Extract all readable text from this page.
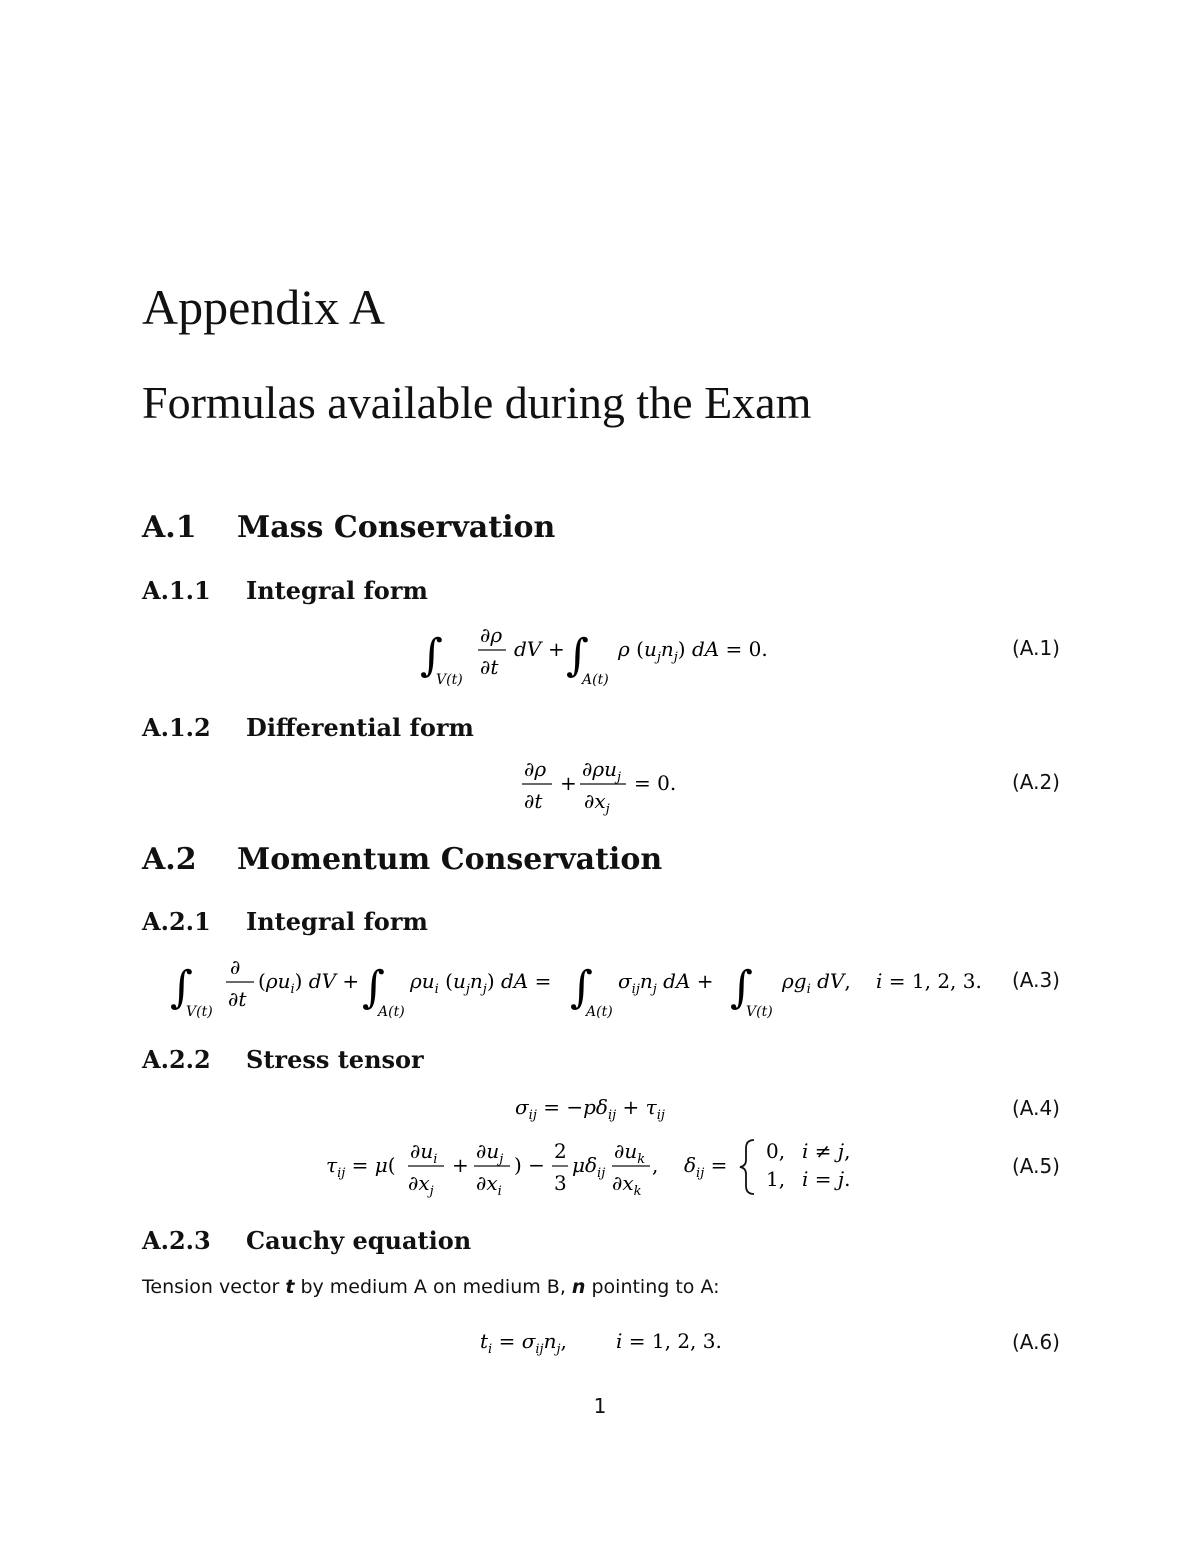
Appendix A
Formulas available during the Exam
A.1 Mass Conservation
A.1.1 Integral form
∫
V(t)
∂ρ
∂t
dV + ∫
A(t)
ρ $(u_jn_j)$ dA = 0.	(A.1)
A.1.2 Differential form
∂ρ
∂t
+
$\partial\rho u_j$
$\partial x_j$
= 0.	(A.2)
A.2 Momentum Conservation
A.2.1 Integral form
∫
V(t)
∂
∂t
$(\rho u_i)$ dV + ∫
A(t)
$\rho u_i$ $(u_jn_j)$ dA = ∫
A(t)
$\sigma_{ij}n_j$ dA + ∫
V(t)
$\rho g_i$ dV, i = 1, 2, 3. (A.3)
A.2.2 Stress tensor
$\sigma_{ij} = -p\delta_{ij} + \tau_{ij}$	(A.4)
$\tau_{ij} = \mu$(
$\partial u_i$
$\partial x_j$
+
$\partial u_j$
$\partial x_i$
) −
2
3
$\mu\delta_{ij}$
$\partial u_k$
$\partial x_k$
, $\delta_{ij}$ =
0, i ≠ j,
1, i = j.
(A.5)
A.2.3 Cauchy equation
Tension vector t by medium A on medium B, n pointing to A:
$t_i = \sigma_{ij}n_j$, i = 1, 2, 3.	(A.6)
1
